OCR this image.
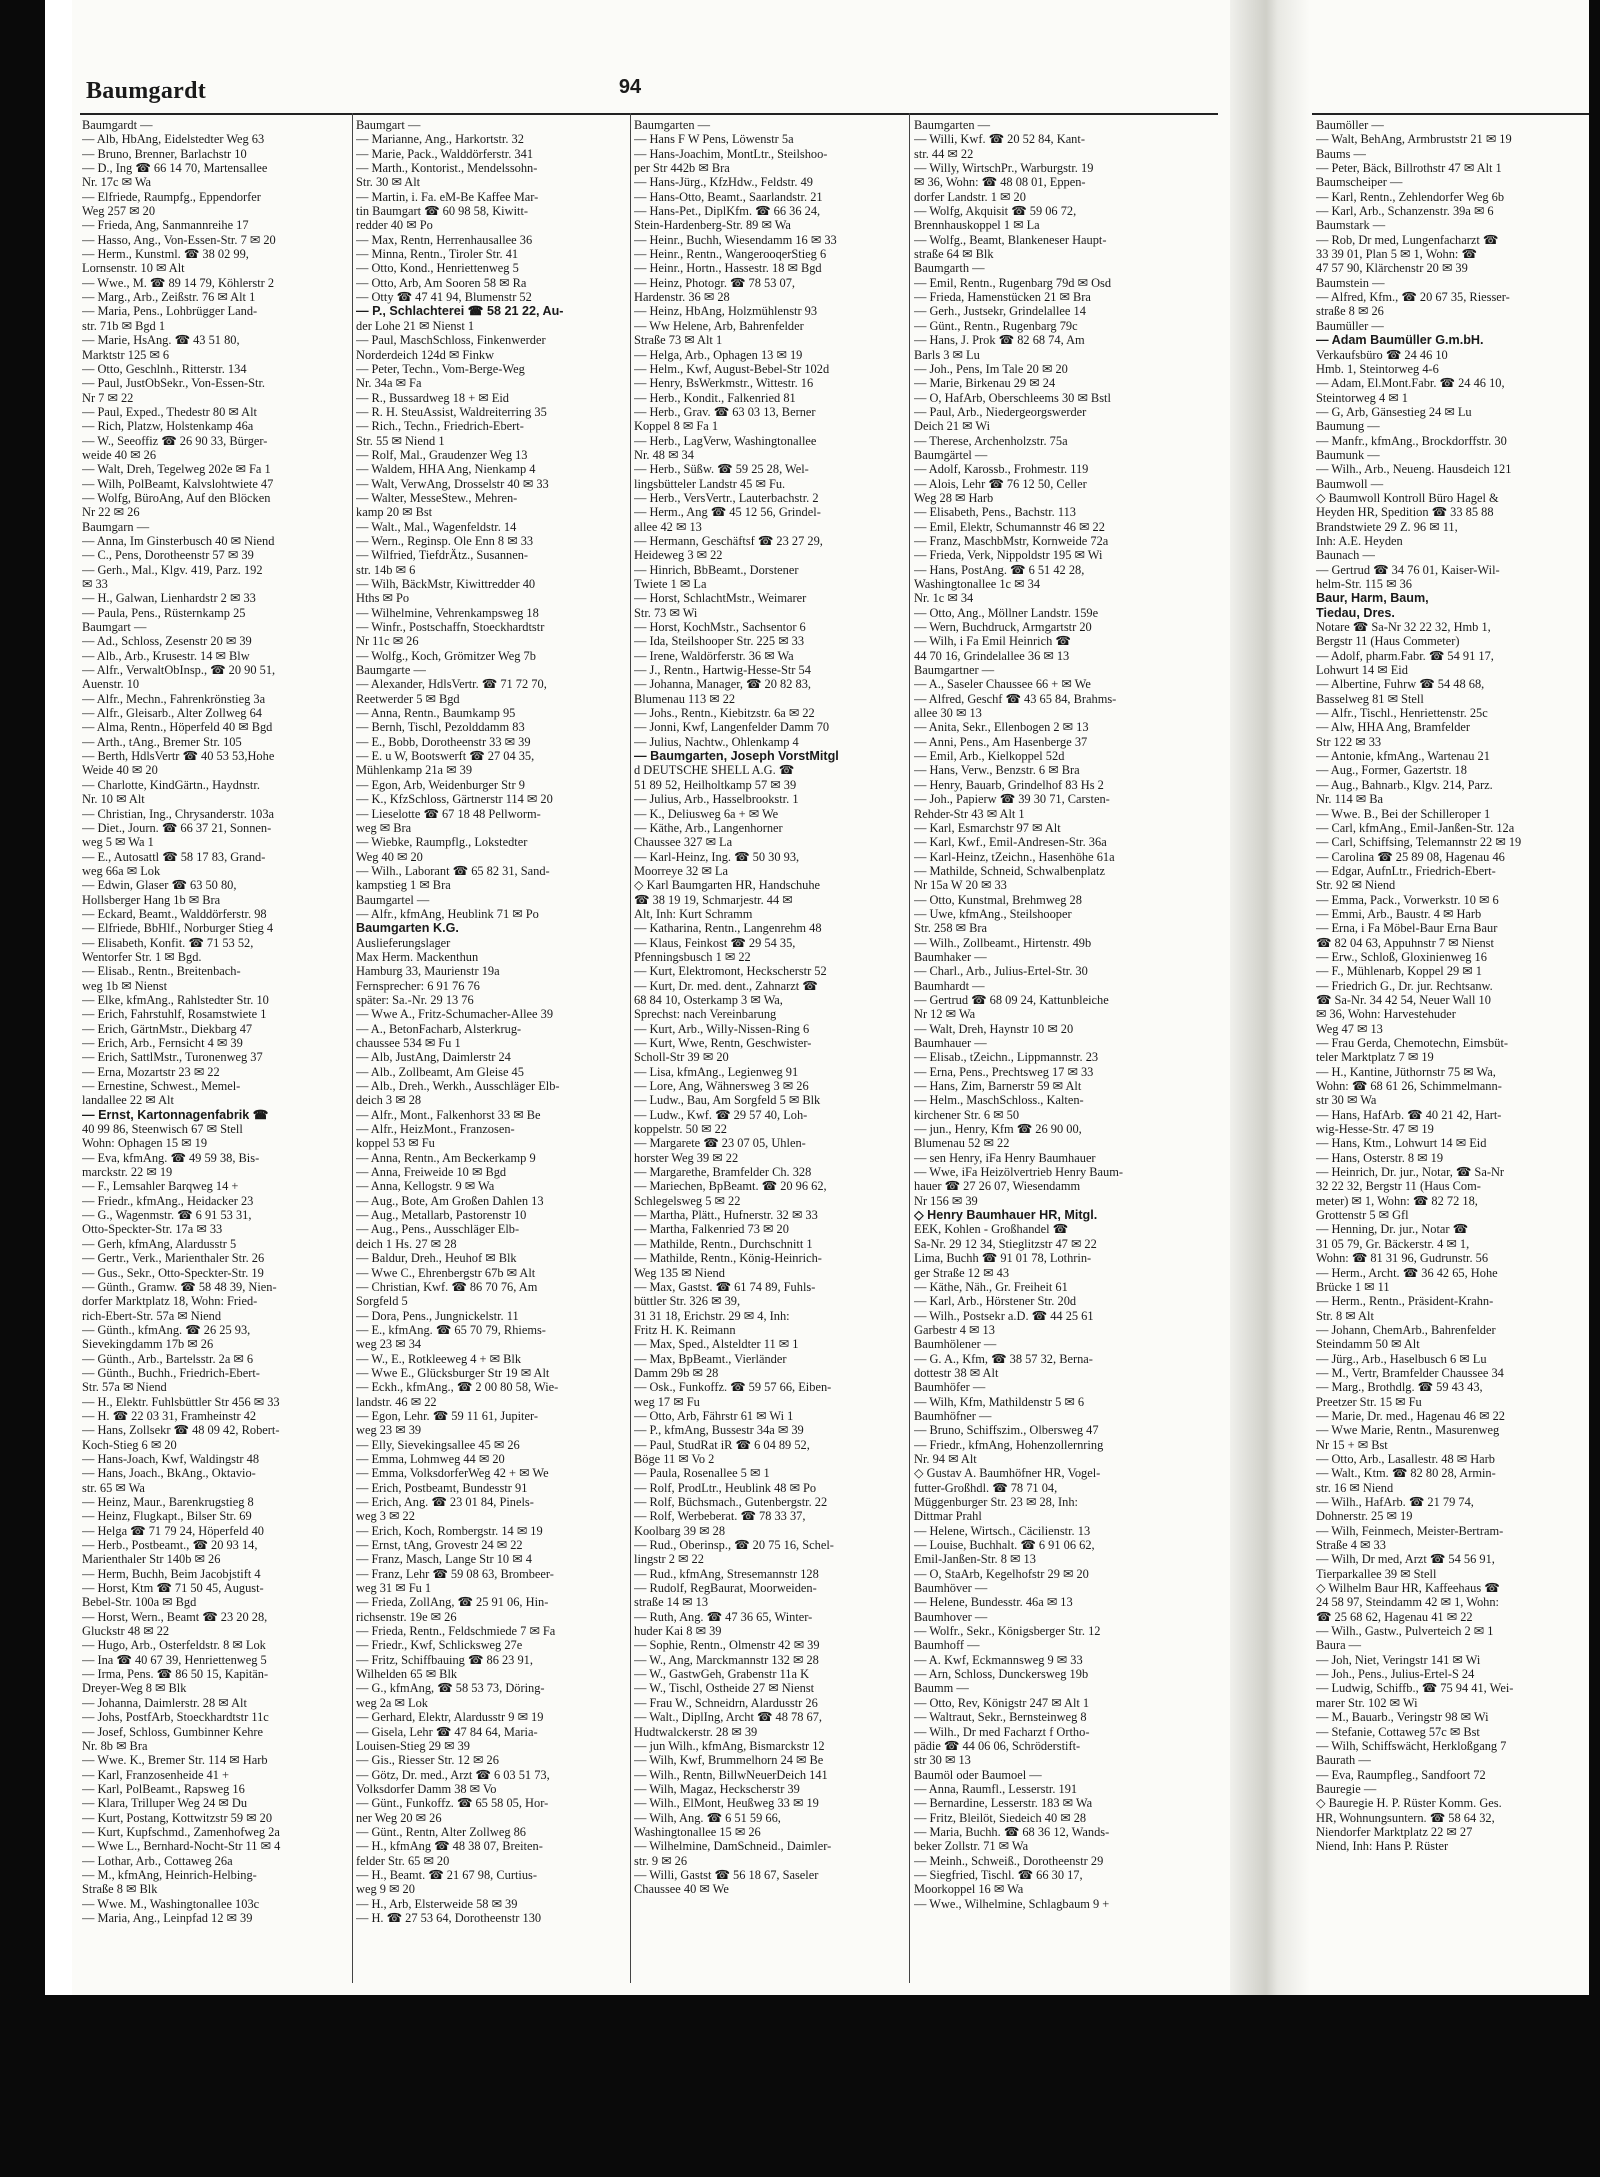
Baumgardt	94
Baumgardt —
— Alb, HbAng, Eidelstedter Weg 63
— Bruno, Brenner, Barlachstr 10
— D., Ing ☎ 66 14 70, Martensallee
Nr. 17c ✉ Wa
— Elfriede, Raumpfg., Eppendorfer
Weg 257 ✉ 20
— Frieda, Ang, Sanmannreihe 17
— Hasso, Ang., Von-Essen-Str. 7 ✉ 20
— Herm., Kunstml. ☎ 38 02 99,
Lornsenstr. 10 ✉ Alt
— Wwe., M. ☎ 89 14 79, Köhlerstr 2
— Marg., Arb., Zeißstr. 76 ✉ Alt 1
— Maria, Pens., Lohbrügger Land-
str. 71b ✉ Bgd 1
— Marie, HsAng. ☎ 43 51 80,
Marktstr 125 ✉ 6
— Otto, Geschlnh., Ritterstr. 134
— Paul, JustObSekr., Von-Essen-Str.
Nr 7 ✉ 22
— Paul, Exped., Thedestr 80 ✉ Alt
— Rich, Platzw, Holstenkamp 46a
— W., Seeoffiz ☎ 26 90 33, Bürger-
weide 40 ✉ 26
— Walt, Dreh, Tegelweg 202e ✉ Fa 1
— Wilh, PolBeamt, Kalvslohtwiete 47
— Wolfg, BüroAng, Auf den Blöcken
Nr 22 ✉ 26
Baumgarn —
— Anna, Im Ginsterbusch 40 ✉ Niend
— C., Pens, Dorotheenstr 57 ✉ 39
— Gerh., Mal., Klgv. 419, Parz. 192
✉ 33
— H., Galwan, Lienhardstr 2 ✉ 33
— Paula, Pens., Rüsternkamp 25
Baumgart —
— Ad., Schloss, Zesenstr 20 ✉ 39
— Alb., Arb., Krusestr. 14 ✉ Blw
— Alfr., VerwaltObInsp., ☎ 20 90 51,
Auenstr. 10
— Alfr., Mechn., Fahrenkrönstieg 3a
— Alfr., Gleisarb., Alter Zollweg 64
— Alma, Rentn., Höperfeld 40 ✉ Bgd
— Arth., tAng., Bremer Str. 105
— Berth, HdlsVertr ☎ 40 53 53,Hohe
Weide 40 ✉ 20
— Charlotte, KindGärtn., Haydnstr.
Nr. 10 ✉ Alt
— Christian, Ing., Chrysanderstr. 103a
— Diet., Journ. ☎ 66 37 21, Sonnen-
weg 5 ✉ Wa 1
— E., Autosattl ☎ 58 17 83, Grand-
weg 66a ✉ Lok
— Edwin, Glaser ☎ 63 50 80,
Hollsberger Hang 1b ✉ Bra
— Eckard, Beamt., Walddörferstr. 98
— Elfriede, BbHlf., Norburger Stieg 4
— Elisabeth, Konfit. ☎ 71 53 52,
Wentorfer Str. 1 ✉ Bgd.
— Elisab., Rentn., Breitenbach-
weg 1b ✉ Nienst
— Elke, kfmAng., Rahlstedter Str. 10
— Erich, Fahrstuhlf, Rosamstwiete 1
— Erich, GärtnMstr., Diekbarg 47
— Erich, Arb., Fernsicht 4 ✉ 39
— Erich, SattlMstr., Turonenweg 37
— Erna, Mozartstr 23 ✉ 22
— Ernestine, Schwest., Memel-
landallee 22 ✉ Alt
— Ernst, Kartonnagenfabrik ☎
40 99 86, Steenwisch 67 ✉ Stell
Wohn: Ophagen 15 ✉ 19
— Eva, kfmAng. ☎ 49 59 38, Bis-
marckstr. 22 ✉ 19
— F., Lemsahler Barqweg 14 +
— Friedr., kfmAng., Heidacker 23
— G., Wagenmstr. ☎ 6 91 53 31,
Otto-Speckter-Str. 17a ✉ 33
— Gerh, kfmAng, Alardusstr 5
— Gertr., Verk., Marienthaler Str. 26
— Gus., Sekr., Otto-Speckter-Str. 19
— Günth., Gramw. ☎ 58 48 39, Nien-
dorfer Marktplatz 18, Wohn: Fried-
rich-Ebert-Str. 57a ✉ Niend
— Günth., kfmAng. ☎ 26 25 93,
Sievekingdamm 17b ✉ 26
— Günth., Arb., Bartelsstr. 2a ✉ 6
— Günth., Buchh., Friedrich-Ebert-
Str. 57a ✉ Niend
— H., Elektr. Fuhlsbüttler Str 456 ✉ 33
— H. ☎ 22 03 31, Framheinstr 42
— Hans, Zollsekr ☎ 48 09 42, Robert-
Koch-Stieg 6 ✉ 20
— Hans-Joach, Kwf, Waldingstr 48
— Hans, Joach., BkAng., Oktavio-
str. 65 ✉ Wa
— Heinz, Maur., Barenkrugstieg 8
— Heinz, Flugkapt., Bilser Str. 69
— Helga ☎ 71 79 24, Höperfeld 40
— Herb., Postbeamt., ☎ 20 93 14,
Marienthaler Str 140b ✉ 26
— Herm, Buchh, Beim Jacobjstift 4
— Horst, Ktm ☎ 71 50 45, August-
Bebel-Str. 100a ✉ Bgd
— Horst, Wern., Beamt ☎ 23 20 28,
Gluckstr 48 ✉ 22
— Hugo, Arb., Osterfeldstr. 8 ✉ Lok
— Ina ☎ 40 67 39, Henriettenweg 5
— Irma, Pens. ☎ 86 50 15, Kapitän-
Dreyer-Weg 8 ✉ Blk
— Johanna, Daimlerstr. 28 ✉ Alt
— Johs, PostfArb, Stoeckhardtstr 11c
— Josef, Schloss, Gumbinner Kehre
Nr. 8b ✉ Bra
— Wwe. K., Bremer Str. 114 ✉ Harb
— Karl, Franzosenheide 41 +
— Karl, PolBeamt., Rapsweg 16
— Klara, Trilluper Weg 24 ✉ Du
— Kurt, Postang, Kottwitzstr 59 ✉ 20
— Kurt, Kupfschmd., Zamenhofweg 2a
— Wwe L., Bernhard-Nocht-Str 11 ✉ 4
— Lothar, Arb., Cottaweg 26a
— M., kfmAng, Heinrich-Helbing-
Straße 8 ✉ Blk
— Wwe. M., Washingtonallee 103c
— Maria, Ang., Leinpfad 12 ✉ 39
Baumgart —
— Marianne, Ang., Harkortstr. 32
— Marie, Pack., Walddörferstr. 341
— Marth., Kontorist., Mendelssohn-
Str. 30 ✉ Alt
— Martin, i. Fa. eM-Be Kaffee Mar-
tin Baumgart ☎ 60 98 58, Kiwitt-
redder 40 ✉ Po
— Max, Rentn, Herrenhausallee 36
— Minna, Rentn., Tiroler Str. 41
— Otto, Kond., Henriettenweg 5
— Otto, Arb, Am Sooren 58 ✉ Ra
— Otty ☎ 47 41 94, Blumenstr 52
— P., Schlachterei ☎ 58 21 22, Au-
der Lohe 21 ✉ Nienst 1
— Paul, MaschSchloss, Finkenwerder
Norderdeich 124d ✉ Finkw
— Peter, Techn., Vom-Berge-Weg
Nr. 34a ✉ Fa
— R., Bussardweg 18 + ✉ Eid
— R. H. SteuAssist, Waldreiterring 35
— Rich., Techn., Friedrich-Ebert-
Str. 55 ✉ Niend 1
— Rolf, Mal., Graudenzer Weg 13
— Waldem, HHA Ang, Nienkamp 4
— Walt, VerwAng, Drosselstr 40 ✉ 33
— Walter, MesseStew., Mehren-
kamp 20 ✉ Bst
— Walt., Mal., Wagenfeldstr. 14
— Wern., Reginsp. Ole Enn 8 ✉ 33
— Wilfried, TiefdrÄtz., Susannen-
str. 14b ✉ 6
— Wilh, BäckMstr, Kiwittredder 40
Hths ✉ Po
— Wilhelmine, Vehrenkampsweg 18
— Winfr., Postschaffn, Stoeckhardtstr
Nr 11c ✉ 26
— Wolfg., Koch, Grömitzer Weg 7b
Baumgarte —
— Alexander, HdlsVertr. ☎ 71 72 70,
Reetwerder 5 ✉ Bgd
— Anna, Rentn., Baumkamp 95
— Bernh, Tischl, Pezolddamm 83
— E., Bobb, Dorotheenstr 33 ✉ 39
— E. u W, Bootswerft ☎ 27 04 35,
Mühlenkamp 21a ✉ 39
— Egon, Arb, Weidenburger Str 9
— K., KfzSchloss, Gärtnerstr 114 ✉ 20
— Lieselotte ☎ 67 18 48 Pellworm-
weg ✉ Bra
— Wiebke, Raumpflg., Lokstedter
Weg 40 ✉ 20
— Wilh., Laborant ☎ 65 82 31, Sand-
kampstieg 1 ✉ Bra
Baumgartel —
— Alfr., kfmAng, Heublink 71 ✉ Po
Baumgarten K.G.
Auslieferungslager
Max Herm. Mackenthun
Hamburg 33, Maurienstr 19a
Fernsprecher: 6 91 76 76
später: Sa.-Nr. 29 13 76
— Wwe A., Fritz-Schumacher-Allee 39
— A., BetonFacharb, Alsterkrug-
chaussee 534 ✉ Fu 1
— Alb, JustAng, Daimlerstr 24
— Alb., Zollbeamt, Am Gleise 45
— Alb., Dreh., Werkh., Ausschläger Elb-
deich 3 ✉ 28
— Alfr., Mont., Falkenhorst 33 ✉ Be
— Alfr., HeizMont., Franzosen-
koppel 53 ✉ Fu
— Anna, Rentn., Am Beckerkamp 9
— Anna, Freiweide 10 ✉ Bgd
— Anna, Kellogstr. 9 ✉ Wa
— Aug., Bote, Am Großen Dahlen 13
— Aug., Metallarb, Pastorenstr 10
— Aug., Pens., Ausschläger Elb-
deich 1 Hs. 27 ✉ 28
— Baldur, Dreh., Heuhof ✉ Blk
— Wwe C., Ehrenbergstr 67b ✉ Alt
— Christian, Kwf. ☎ 86 70 76, Am
Sorgfeld 5
— Dora, Pens., Jungnickelstr. 11
— E., kfmAng. ☎ 65 70 79, Rhiems-
weg 23 ✉ 34
— W., E., Rotkleeweg 4 + ✉ Blk
— Wwe E., Glücksburger Str 19 ✉ Alt
— Eckh., kfmAng., ☎ 2 00 80 58, Wie-
landstr. 46 ✉ 22
— Egon, Lehr. ☎ 59 11 61, Jupiter-
weg 23 ✉ 39
— Elly, Sievekingsallee 45 ✉ 26
— Emma, Lohmweg 44 ✉ 20
— Emma, VolksdorferWeg 42 + ✉ We
— Erich, Postbeamt, Bundesstr 91
— Erich, Ang. ☎ 23 01 84, Pinels-
weg 3 ✉ 22
— Erich, Koch, Rombergstr. 14 ✉ 19
— Ernst, tAng, Grovestr 24 ✉ 22
— Franz, Masch, Lange Str 10 ✉ 4
— Franz, Lehr ☎ 59 08 63, Brombeer-
weg 31 ✉ Fu 1
— Frieda, ZollAng, ☎ 25 91 06, Hin-
richsenstr. 19e ✉ 26
— Frieda, Rentn., Feldschmiede 7 ✉ Fa
— Friedr., Kwf, Schlicksweg 27e
— Fritz, Schiffbauing ☎ 86 23 91,
Wilhelden 65 ✉ Blk
— G., kfmAng, ☎ 58 53 73, Döring-
weg 2a ✉ Lok
— Gerhard, Elektr, Alardusstr 9 ✉ 19
— Gisela, Lehr ☎ 47 84 64, Maria-
Louisen-Stieg 29 ✉ 39
— Gis., Riesser Str. 12 ✉ 26
— Götz, Dr. med., Arzt ☎ 6 03 51 73,
Volksdorfer Damm 38 ✉ Vo
— Günt., Funkoffz. ☎ 65 58 05, Hor-
ner Weg 20 ✉ 26
— Günt., Rentn, Alter Zollweg 86
— H., kfmAng ☎ 48 38 07, Breiten-
felder Str. 65 ✉ 20
— H., Beamt. ☎ 21 67 98, Curtius-
weg 9 ✉ 20
— H., Arb, Elsterweide 58 ✉ 39
— H. ☎ 27 53 64, Dorotheenstr 130
Baumgarten —
— Hans F W Pens, Löwenstr 5a
— Hans-Joachim, MontLtr., Steilshoo-
per Str 442b ✉ Bra
— Hans-Jürg., KfzHdw., Feldstr. 49
— Hans-Otto, Beamt., Saarlandstr. 21
— Hans-Pet., DiplKfm. ☎ 66 36 24,
Stein-Hardenberg-Str. 89 ✉ Wa
— Heinr., Buchh, Wiesendamm 16 ✉ 33
— Heinr., Rentn., WangerooqerStieg 6
— Heinr., Hortn., Hassestr. 18 ✉ Bgd
— Heinz, Photogr. ☎ 78 53 07,
Hardenstr. 36 ✉ 28
— Heinz, HbAng, Holzmühlenstr 93
— Ww Helene, Arb, Bahrenfelder
Straße 73 ✉ Alt 1
— Helga, Arb., Ophagen 13 ✉ 19
— Helm., Kwf, August-Bebel-Str 102d
— Henry, BsWerkmstr., Wittestr. 16
— Herb., Kondit., Falkenried 81
— Herb., Grav. ☎ 63 03 13, Berner
Koppel 8 ✉ Fa 1
— Herb., LagVerw, Washingtonallee
Nr. 48 ✉ 34
— Herb., Süßw. ☎ 59 25 28, Wel-
lingsbütteler Landstr 45 ✉ Fu.
— Herb., VersVertr., Lauterbachstr. 2
— Herm., Ang ☎ 45 12 56, Grindel-
allee 42 ✉ 13
— Hermann, Geschäftsf ☎ 23 27 29,
Heideweg 3 ✉ 22
— Hinrich, BbBeamt., Dorstener
Twiete 1 ✉ La
— Horst, SchlachtMstr., Weimarer
Str. 73 ✉ Wi
— Horst, KochMstr., Sachsentor 6
— Ida, Steilshooper Str. 225 ✉ 33
— Irene, Waldörferstr. 36 ✉ Wa
— J., Rentn., Hartwig-Hesse-Str 54
— Johanna, Manager, ☎ 20 82 83,
Blumenau 113 ✉ 22
— Johs., Rentn., Kiebitzstr. 6a ✉ 22
— Jonni, Kwf, Langenfelder Damm 70
— Julius, Nachtw., Ohlenkamp 4
— Baumgarten, Joseph VorstMitgl
d DEUTSCHE SHELL A.G. ☎
51 89 52, Heilholtkamp 57 ✉ 39
— Julius, Arb., Hasselbrookstr. 1
— K., Deliusweg 6a + ✉ We
— Käthe, Arb., Langenhorner
Chaussee 327 ✉ La
— Karl-Heinz, Ing. ☎ 50 30 93,
Moorreye 32 ✉ La
◇ Karl Baumgarten HR, Handschuhe
☎ 38 19 19, Schmarjestr. 44 ✉
Alt, Inh: Kurt Schramm
— Katharina, Rentn., Langenrehm 48
— Klaus, Feinkost ☎ 29 54 35,
Pfenningsbusch 1 ✉ 22
— Kurt, Elektromont, Heckscherstr 52
— Kurt, Dr. med. dent., Zahnarzt ☎
68 84 10, Osterkamp 3 ✉ Wa,
Sprechst: nach Vereinbarung
— Kurt, Arb., Willy-Nissen-Ring 6
— Kurt, Wwe, Rentn, Geschwister-
Scholl-Str 39 ✉ 20
— Lisa, kfmAng., Legienweg 91
— Lore, Ang, Wähnersweg 3 ✉ 26
— Ludw., Bau, Am Sorgfeld 5 ✉ Blk
— Ludw., Kwf. ☎ 29 57 40, Loh-
koppelstr. 50 ✉ 22
— Margarete ☎ 23 07 05, Uhlen-
horster Weg 39 ✉ 22
— Margarethe, Bramfelder Ch. 328
— Mariechen, BpBeamt. ☎ 20 96 62,
Schlegelsweg 5 ✉ 22
— Martha, Plätt., Hufnerstr. 32 ✉ 33
— Martha, Falkenried 73 ✉ 20
— Mathilde, Rentn., Durchschnitt 1
— Mathilde, Rentn., König-Heinrich-
Weg 135 ✉ Niend
— Max, Gastst. ☎ 61 74 89, Fuhls-
büttler Str. 326 ✉ 39,
31 31 18, Erichstr. 29 ✉ 4, Inh:
Fritz H. K. Reimann
— Max, Sped., Alsteldter 11 ✉ 1
— Max, BpBeamt., Vierländer
Damm 29b ✉ 28
— Osk., Funkoffz. ☎ 59 57 66, Eiben-
weg 17 ✉ Fu
— Otto, Arb, Fährstr 61 ✉ Wi 1
— P., kfmAng, Bussestr 34a ✉ 39
— Paul, StudRat iR ☎ 6 04 89 52,
Böge 11 ✉ Vo 2
— Paula, Rosenallee 5 ✉ 1
— Rolf, ProdLtr., Heublink 48 ✉ Po
— Rolf, Büchsmach., Gutenbergstr. 22
— Rolf, Werbeberat. ☎ 78 33 37,
Koolbarg 39 ✉ 28
— Rud., Oberinsp., ☎ 20 75 16, Schel-
lingstr 2 ✉ 22
— Rud., kfmAng, Stresemannstr 128
— Rudolf, RegBaurat, Moorweiden-
straße 14 ✉ 13
— Ruth, Ang. ☎ 47 36 65, Winter-
huder Kai 8 ✉ 39
— Sophie, Rentn., Olmenstr 42 ✉ 39
— W., Ang, Marckmannstr 132 ✉ 28
— W., GastwGeh, Grabenstr 11a K
— W., Tischl, Ostheide 27 ✉ Nienst
— Frau W., Schneidrn, Alardusstr 26
— Walt., DiplIng, Archt ☎ 48 78 67,
Hudtwalckerstr. 28 ✉ 39
— jun Wilh., kfmAng, Bismarckstr 12
— Wilh, Kwf, Brummelhorn 24 ✉ Be
— Wilh., Rentn, BillwNeuerDeich 141
— Wilh, Magaz, Heckscherstr 39
— Wilh., ElMont, Heußweg 33 ✉ 19
— Wilh, Ang. ☎ 6 51 59 66,
Washingtonallee 15 ✉ 26
— Wilhelmine, DamSchneid., Daimler-
str. 9 ✉ 26
— Willi, Gastst ☎ 56 18 67, Saseler
Chaussee 40 ✉ We
Baumgarten —
— Willi, Kwf. ☎ 20 52 84, Kant-
str. 44 ✉ 22
— Willy, WirtschPr., Warburgstr. 19
✉ 36, Wohn: ☎ 48 08 01, Eppen-
dorfer Landstr. 1 ✉ 20
— Wolfg, Akquisit ☎ 59 06 72,
Brennhauskoppel 1 ✉ La
— Wolfg., Beamt, Blankeneser Haupt-
straße 64 ✉ Blk
Baumgarth —
— Emil, Rentn., Rugenbarg 79d ✉ Osd
— Frieda, Hamenstücken 21 ✉ Bra
— Gerh., Justsekr, Grindelallee 14
— Günt., Rentn., Rugenbarg 79c
— Hans, J. Prok ☎ 82 68 74, Am
Barls 3 ✉ Lu
— Joh., Pens, Im Tale 20 ✉ 20
— Marie, Birkenau 29 ✉ 24
— O, HafArb, Oberschleems 30 ✉ Bstl
— Paul, Arb., Niedergeorgswerder
Deich 21 ✉ Wi
— Therese, Archenholzstr. 75a
Baumgärtel —
— Adolf, Karossb., Frohmestr. 119
— Alois, Lehr ☎ 76 12 50, Celler
Weg 28 ✉ Harb
— Elisabeth, Pens., Bachstr. 113
— Emil, Elektr, Schumannstr 46 ✉ 22
— Franz, MaschbMstr, Kornweide 72a
— Frieda, Verk, Nippoldstr 195 ✉ Wi
— Hans, PostAng. ☎ 6 51 42 28,
Washingtonallee 1c ✉ 34
Nr. 1c ✉ 34
— Otto, Ang., Möllner Landstr. 159e
— Wern, Buchdruck, Armgartstr 20
— Wilh, i Fa Emil Heinrich ☎
44 70 16, Grindelallee 36 ✉ 13
Baumgartner —
— A., Saseler Chaussee 66 + ✉ We
— Alfred, Geschf ☎ 43 65 84, Brahms-
allee 30 ✉ 13
— Anita, Sekr., Ellenbogen 2 ✉ 13
— Anni, Pens., Am Hasenberge 37
— Emil, Arb., Kielkoppel 52d
— Hans, Verw., Benzstr. 6 ✉ Bra
— Henry, Bauarb, Grindelhof 83 Hs 2
— Joh., Papierw ☎ 39 30 71, Carsten-
Rehder-Str 43 ✉ Alt 1
— Karl, Esmarchstr 97 ✉ Alt
— Karl, Kwf., Emil-Andresen-Str. 36a
— Karl-Heinz, tZeichn., Hasenhöhe 61a
— Mathilde, Schneid, Schwalbenplatz
Nr 15a W 20 ✉ 33
— Otto, Kunstmal, Brehmweg 28
— Uwe, kfmAng., Steilshooper
Str. 258 ✉ Bra
— Wilh., Zollbeamt., Hirtenstr. 49b
Baumhaker —
— Charl., Arb., Julius-Ertel-Str. 30
Baumhardt —
— Gertrud ☎ 68 09 24, Kattunbleiche
Nr 12 ✉ Wa
— Walt, Dreh, Haynstr 10 ✉ 20
Baumhauer —
— Elisab., tZeichn., Lippmannstr. 23
— Erna, Pens., Prechtsweg 17 ✉ 33
— Hans, Zim, Barnerstr 59 ✉ Alt
— Helm., MaschSchloss., Kalten-
kirchener Str. 6 ✉ 50
— jun., Henry, Kfm ☎ 26 90 00,
Blumenau 52 ✉ 22
— sen Henry, iFa Henry Baumhauer
— Wwe, iFa Heizölvertrieb Henry Baum-
hauer ☎ 27 26 07, Wiesendamm
Nr 156 ✉ 39
◇ Henry Baumhauer HR, Mitgl.
EEK, Kohlen - Großhandel ☎
Sa-Nr. 29 12 34, Stieglitzstr 47 ✉ 22
Lima, Buchh ☎ 91 01 78, Lothrin-
ger Straße 12 ✉ 43
— Käthe, Näh., Gr. Freiheit 61
— Karl, Arb., Hörstener Str. 20d
— Wilh., Postsekr a.D. ☎ 44 25 61
Garbestr 4 ✉ 13
Baumhölener —
— G. A., Kfm, ☎ 38 57 32, Berna-
dottestr 38 ✉ Alt
Baumhöfer —
— Wilh, Kfm, Mathildenstr 5 ✉ 6
Baumhöfner —
— Bruno, Schiffszim., Olbersweg 47
— Friedr., kfmAng, Hohenzollernring
Nr. 94 ✉ Alt
◇ Gustav A. Baumhöfner HR, Vogel-
futter-Großhdl. ☎ 78 71 04,
Müggenburger Str. 23 ✉ 28, Inh:
Dittmar Prahl
— Helene, Wirtsch., Cäcilienstr. 13
— Louise, Buchhalt. ☎ 6 91 06 62,
Emil-Janßen-Str. 8 ✉ 13
— O, StaArb, Kegelhofstr 29 ✉ 20
Baumhöver —
— Helene, Bundesstr. 46a ✉ 13
Baumhover —
— Wolfr., Sekr., Königsberger Str. 12
Baumhoff —
— A. Kwf, Eckmannsweg 9 ✉ 33
— Arn, Schloss, Dunckersweg 19b
Baumm —
— Otto, Rev, Königstr 247 ✉ Alt 1
— Waltraut, Sekr., Bernsteinweg 8
— Wilh., Dr med Facharzt f Ortho-
pädie ☎ 44 06 06, Schröderstift-
str 30 ✉ 13
Baumöl oder Baumoel —
— Anna, Raumfl., Lesserstr. 191
— Bernardine, Lesserstr. 183 ✉ Wa
— Fritz, Bleilöt, Siedeich 40 ✉ 28
— Maria, Buchh. ☎ 68 36 12, Wands-
beker Zollstr. 71 ✉ Wa
— Meinh., Schweiß., Dorotheenstr 29
— Siegfried, Tischl. ☎ 66 30 17,
Moorkoppel 16 ✉ Wa
— Wwe., Wilhelmine, Schlagbaum 9 +
Baumöller —
— Walt, BehAng, Armbruststr 21 ✉ 19
Baums —
— Peter, Bäck, Billrothstr 47 ✉ Alt 1
Baumscheiper —
— Karl, Rentn., Zehlendorfer Weg 6b
— Karl, Arb., Schanzenstr. 39a ✉ 6
Baumstark —
— Rob, Dr med, Lungenfacharzt ☎
33 39 01, Plan 5 ✉ 1, Wohn: ☎
47 57 90, Klärchenstr 20 ✉ 39
Baumstein —
— Alfred, Kfm., ☎ 20 67 35, Riesser-
straße 8 ✉ 26
Baumüller —
— Adam Baumüller G.m.bH.
Verkaufsbüro ☎ 24 46 10
Hmb. 1, Steintorweg 4-6
— Adam, El.Mont.Fabr. ☎ 24 46 10,
Steintorweg 4 ✉ 1
— G, Arb, Gänsestieg 24 ✉ Lu
Baumung —
— Manfr., kfmAng., Brockdorffstr. 30
Baumunk —
— Wilh., Arb., Neueng. Hausdeich 121
Baumwoll —
◇ Baumwoll Kontroll Büro Hagel &
Heyden HR, Spedition ☎ 33 85 88
Brandstwiete 29 Z. 96 ✉ 11,
Inh: A.E. Heyden
Baunach —
— Gertrud ☎ 34 76 01, Kaiser-Wil-
helm-Str. 115 ✉ 36
Baur, Harm, Baum,
Tiedau, Dres.
Notare ☎ Sa-Nr 32 22 32, Hmb 1,
Bergstr 11 (Haus Commeter)
— Adolf, pharm.Fabr. ☎ 54 91 17,
Lohwurt 14 ✉ Eid
— Albertine, Fuhrw ☎ 54 48 68,
Basselweg 81 ✉ Stell
— Alfr., Tischl., Henriettenstr. 25c
— Alw, HHA Ang, Bramfelder
Str 122 ✉ 33
— Antonie, kfmAng., Wartenau 21
— Aug., Former, Gazertstr. 18
— Aug., Bahnarb., Klgv. 214, Parz.
Nr. 114 ✉ Ba
— Wwe. B., Bei der Schilleroper 1
— Carl, kfmAng., Emil-Janßen-Str. 12a
— Carl, Schiffsing, Telemannstr 22 ✉ 19
— Carolina ☎ 25 89 08, Hagenau 46
— Edgar, AufnLtr., Friedrich-Ebert-
Str. 92 ✉ Niend
— Emma, Pack., Vorwerkstr. 10 ✉ 6
— Emmi, Arb., Baustr. 4 ✉ Harb
— Erna, i Fa Möbel-Baur Erna Baur
☎ 82 04 63, Appuhnstr 7 ✉ Nienst
— Erw., Schloß, Gloxinienweg 16
— F., Mühlenarb, Koppel 29 ✉ 1
— Friedrich G., Dr. jur. Rechtsanw.
☎ Sa-Nr. 34 42 54, Neuer Wall 10
✉ 36, Wohn: Harvestehuder
Weg 47 ✉ 13
— Frau Gerda, Chemotechn, Eimsbüt-
teler Marktplatz 7 ✉ 19
— H., Kantine, Jüthornstr 75 ✉ Wa,
Wohn: ☎ 68 61 26, Schimmelmann-
str 30 ✉ Wa
— Hans, HafArb. ☎ 40 21 42, Hart-
wig-Hesse-Str. 47 ✉ 19
— Hans, Ktm., Lohwurt 14 ✉ Eid
— Hans, Osterstr. 8 ✉ 19
— Heinrich, Dr. jur., Notar, ☎ Sa-Nr
32 22 32, Bergstr 11 (Haus Com-
meter) ✉ 1, Wohn: ☎ 82 72 18,
Grottenstr 5 ✉ Gfl
— Henning, Dr. jur., Notar ☎
31 05 79, Gr. Bäckerstr. 4 ✉ 1,
Wohn: ☎ 81 31 96, Gudrunstr. 56
— Herm., Archt. ☎ 36 42 65, Hohe
Brücke 1 ✉ 11
— Herm., Rentn., Präsident-Krahn-
Str. 8 ✉ Alt
— Johann, ChemArb., Bahrenfelder
Steindamm 50 ✉ Alt
— Jürg., Arb., Haselbusch 6 ✉ Lu
— M., Vertr, Bramfelder Chaussee 34
— Marg., Brothdlg. ☎ 59 43 43,
Preetzer Str. 15 ✉ Fu
— Marie, Dr. med., Hagenau 46 ✉ 22
— Wwe Marie, Rentn., Masurenweg
Nr 15 + ✉ Bst
— Otto, Arb., Lasallestr. 48 ✉ Harb
— Walt., Ktm. ☎ 82 80 28, Armin-
str. 16 ✉ Niend
— Wilh., HafArb. ☎ 21 79 74,
Dohnerstr. 25 ✉ 19
— Wilh, Feinmech, Meister-Bertram-
Straße 4 ✉ 33
— Wilh, Dr med, Arzt ☎ 54 56 91,
Tierparkallee 39 ✉ Stell
◇ Wilhelm Baur HR, Kaffeehaus ☎
24 58 97, Steindamm 42 ✉ 1, Wohn:
☎ 25 68 62, Hagenau 41 ✉ 22
— Wilh., Gastw., Pulverteich 2 ✉ 1
Baura —
— Joh, Niet, Veringstr 141 ✉ Wi
— Joh., Pens., Julius-Ertel-S 24
— Ludwig, Schiffb., ☎ 75 94 41, Wei-
marer Str. 102 ✉ Wi
— M., Bauarb., Veringstr 98 ✉ Wi
— Stefanie, Cottaweg 57c ✉ Bst
— Wilh, Schiffswächt, Herkloßgang 7
Baurath —
— Eva, Raumpfleg., Sandfoort 72
Bauregie —
◇ Bauregie H. P. Rüster Komm. Ges.
HR, Wohnungsuntern. ☎ 58 64 32,
Niendorfer Marktplatz 22 ✉ 27
Niend, Inh: Hans P. Rüster
